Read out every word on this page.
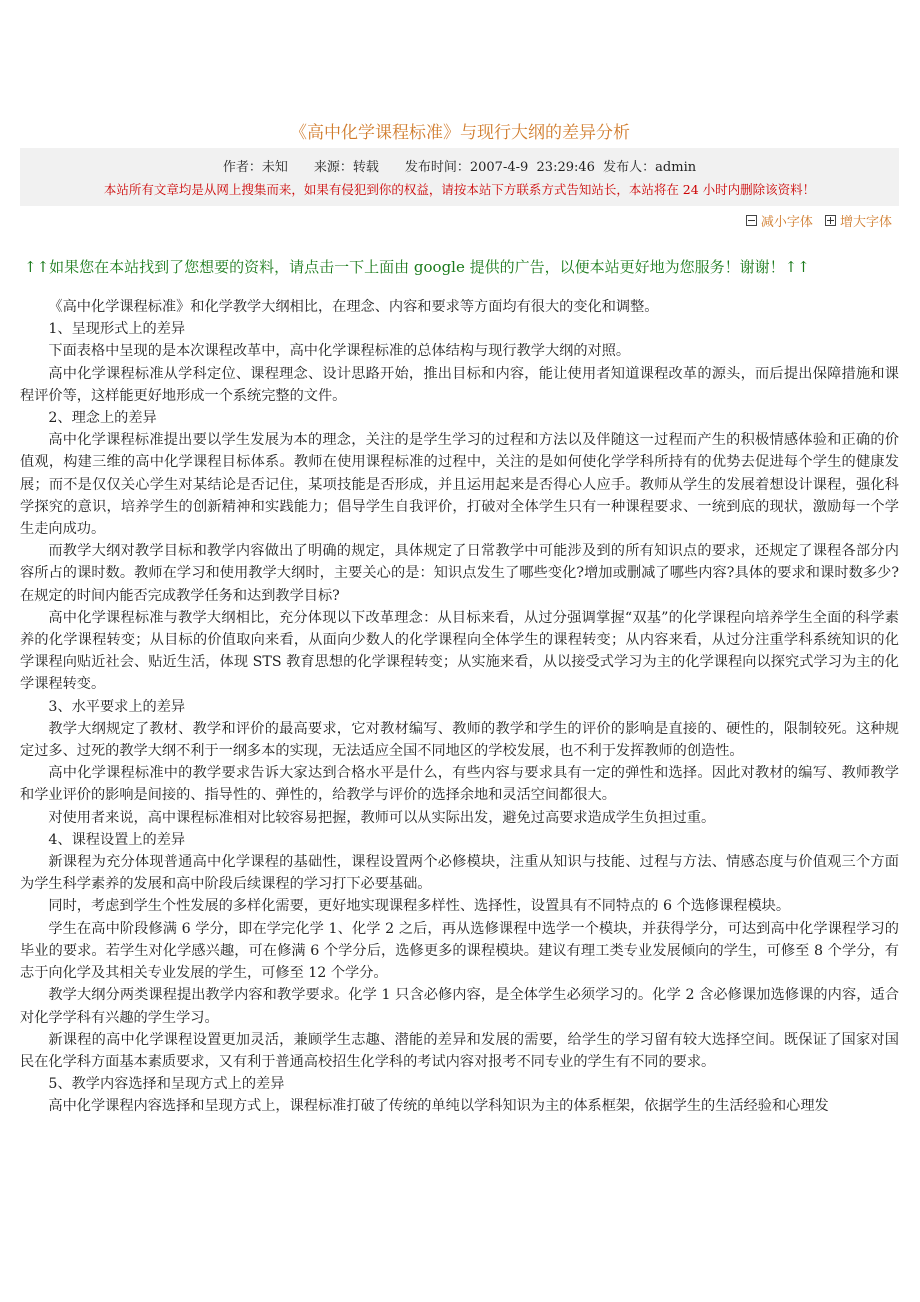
《高中化学课程标准》与现行大纲的差异分析
作者：未知　　来源：转载　　发布时间：2007-4-9  23:29:46  发布人：admin
本站所有文章均是从网上搜集而来，如果有侵犯到你的权益，请按本站下方联系方式告知站长，本站将在 24 小时内删除该资料！
减小字体
增大字体
↑↑如果您在本站找到了您想要的资料，请点击一下上面由 google 提供的广告，以便本站更好地为您服务！谢谢！↑↑

《高中化学课程标准》和化学教学大纲相比，在理念、内容和要求等方面均有很大的变化和调整。

1、呈现形式上的差异

下面表格中呈现的是本次课程改革中，高中化学课程标准的总体结构与现行教学大纲的对照。

高中化学课程标准从学科定位、课程理念、设计思路开始，推出目标和内容，能让使用者知道课程改革的源头，而后提出保障措施和课程评价等，这样能更好地形成一个系统完整的文件。

2、理念上的差异

高中化学课程标准提出要以学生发展为本的理念，关注的是学生学习的过程和方法以及伴随这一过程而产生的积极情感体验和正确的价值观，构建三维的高中化学课程目标体系。教师在使用课程标准的过程中，关注的是如何使化学学科所持有的优势去促进每个学生的健康发展；而不是仅仅关心学生对某结论是否记住，某项技能是否形成，并且运用起来是否得心人应手。教师从学生的发展着想设计课程，强化科学探究的意识，培养学生的创新精神和实践能力；倡导学生自我评价，打破对全体学生只有一种课程要求、一统到底的现状，激励每一个学生走向成功。

而教学大纲对教学目标和教学内容做出了明确的规定，具体规定了日常教学中可能涉及到的所有知识点的要求，还规定了课程各部分内容所占的课时数。教师在学习和使用教学大纲时，主要关心的是：知识点发生了哪些变化?增加或删减了哪些内容?具体的要求和课时数多少?在规定的时间内能否完成教学任务和达到教学目标?

高中化学课程标准与教学大纲相比，充分体现以下改革理念：从目标来看，从过分强调掌握“双基”的化学课程向培养学生全面的科学素养的化学课程转变；从目标的价值取向来看，从面向少数人的化学课程向全体学生的课程转变；从内容来看，从过分注重学科系统知识的化学课程向贴近社会、贴近生活，体现 STS 教育思想的化学课程转变；从实施来看，从以接受式学习为主的化学课程向以探究式学习为主的化学课程转变。

3、水平要求上的差异

教学大纲规定了教材、教学和评价的最高要求，它对教材编写、教师的教学和学生的评价的影响是直接的、硬性的，限制较死。这种规定过多、过死的教学大纲不利于一纲多本的实现，无法适应全国不同地区的学校发展，也不利于发挥教师的创造性。

高中化学课程标准中的教学要求告诉大家达到合格水平是什么，有些内容与要求具有一定的弹性和选择。因此对教材的编写、教师教学和学业评价的影响是间接的、指导性的、弹性的，给教学与评价的选择余地和灵活空间都很大。

对使用者来说，高中课程标准相对比较容易把握，教师可以从实际出发，避免过高要求造成学生负担过重。

4、课程设置上的差异

新课程为充分体现普通高中化学课程的基础性，课程设置两个必修模块，注重从知识与技能、过程与方法、情感态度与价值观三个方面为学生科学素养的发展和高中阶段后续课程的学习打下必要基础。

同时，考虑到学生个性发展的多样化需要，更好地实现课程多样性、选择性，设置具有不同特点的 6 个选修课程模块。

学生在高中阶段修满 6 学分，即在学完化学 1、化学 2 之后，再从选修课程中选学一个模块，并获得学分，可达到高中化学课程学习的毕业的要求。若学生对化学感兴趣，可在修满 6 个学分后，选修更多的课程模块。建议有理工类专业发展倾向的学生，可修至 8 个学分，有志于向化学及其相关专业发展的学生，可修至 12 个学分。

教学大纲分两类课程提出教学内容和教学要求。化学 1 只含必修内容，是全体学生必须学习的。化学 2 含必修课加选修课的内容，适合对化学学科有兴趣的学生学习。

新课程的高中化学课程设置更加灵活，兼顾学生志趣、潜能的差异和发展的需要，给学生的学习留有较大选择空间。既保证了国家对国民在化学科方面基本素质要求，又有利于普通高校招生化学科的考试内容对报考不同专业的学生有不同的要求。

5、教学内容选择和呈现方式上的差异

高中化学课程内容选择和呈现方式上，课程标准打破了传统的单纯以学科知识为主的体系框架，依据学生的生活经验和心理发
